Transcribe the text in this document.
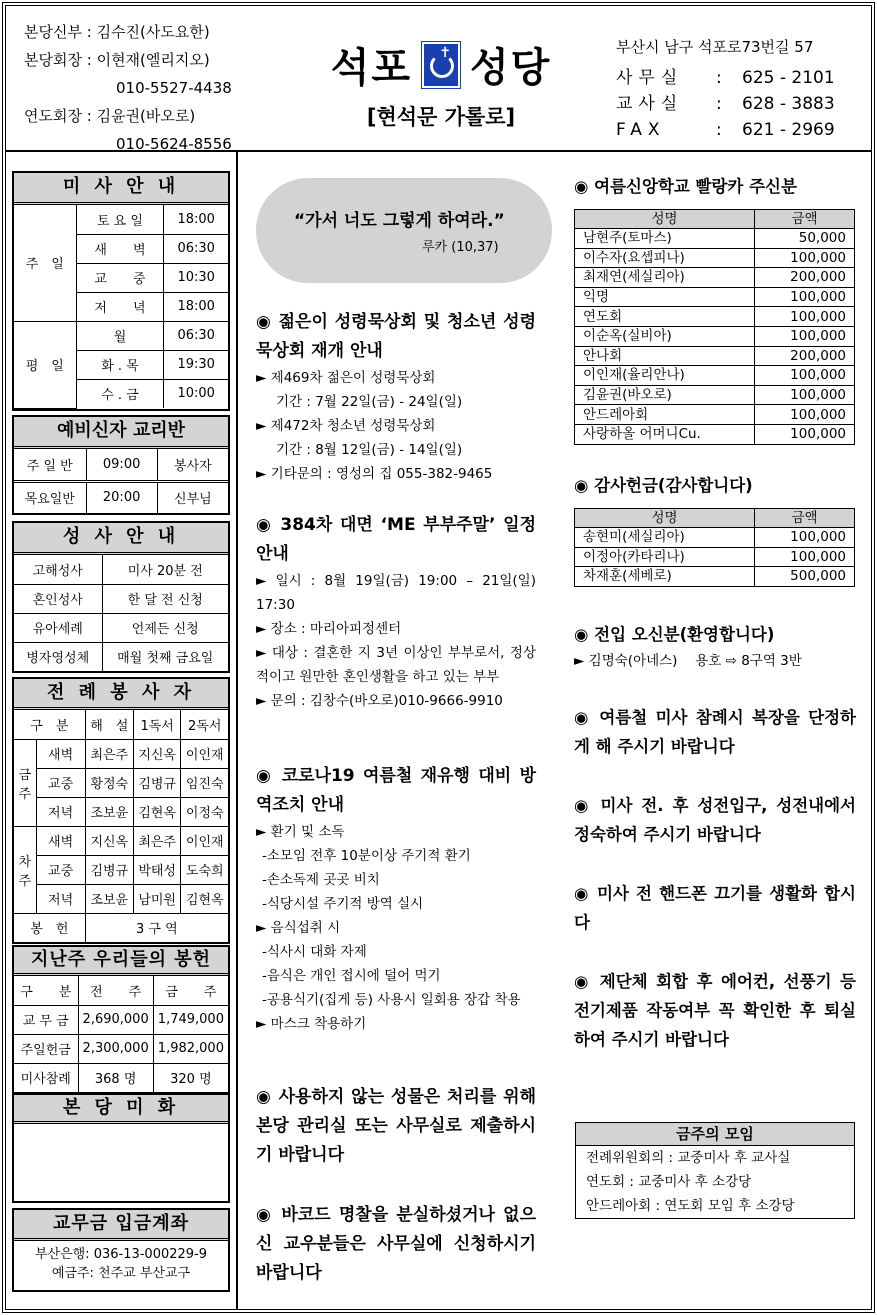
본당신부 : 김수진(사도요한)
본당회장 : 이현재(엘리지오)
010-5527-4438
연도회장 : 김윤권(바오로)
010-5624-8556
석포 ✝ 성당
[현석문 가롤로]
부산시 남구 석포로73번길 57
사무실	:	625 - 2101
교사실	:	628 - 3883
FAX	:	621 - 2969
미 사 안 내
주　일	토 요 일	18:00
	새　　벽	06:30
	교　　중	10:30
	저　　녁	18:00
평　일	월	06:30
	화 . 목	19:30
	수 . 금	10:00
예비신자 교리반
주 일 반	09:00	봉사자
목요일반	20:00	신부님
성 사 안 내
고해성사	미사 20분 전
혼인성사	한 달 전 신청
유아세례	언제든 신청
병자영성체	매월 첫째 금요일
전 례 봉 사 자
구　분		해　설	1독서	2독서
금주	새벽	최은주	지신옥	이인재
	교중	황정숙	김병규	임진숙
	저녁	조보윤	김현옥	이정숙
차주	새벽	지신옥	최은주	이인재
	교중	김병규	박태성	도숙희
	저녁	조보윤	남미원	김현옥
봉　헌		3 구 역		
지난주 우리들의 봉헌
구　　분	전　　주	금　　주
교 무 금	2,690,000	1,749,000
주일헌금	2,300,000	1,982,000
미사참례	368 명	320 명
본 당 미 화
교무금 입금계좌
부산은행: 036-13-000229-9
예금주: 천주교 부산교구
“가서 너도 그렇게 하여라.”
루카 (10,37)
◉ 젊은이 성령묵상회 및 청소년 성령묵상회 재개 안내

► 제469차 젊은이 성령묵상회

기간 : 7월 22일(금) - 24일(일)

► 제472차 청소년 성령묵상회

기간 : 8월 12일(금) - 14일(일)

► 기타문의 : 영성의 집 055-382-9465

◉ 384차 대면 ‘ME 부부주말’ 일정 안내

► 일시 : 8월 19일(금) 19:00 – 21일(일) 17:30

► 장소 : 마리아피정센터

► 대상 : 결혼한 지 3년 이상인 부부로서, 정상적이고 원만한 혼인생활을 하고 있는 부부

► 문의 : 김창수(바오로)010-9666-9910

◉ 코로나19 여름철 재유행 대비 방역조치 안내

► 환기 및 소독

-소모임 전후 10분이상 주기적 환기

-손소독제 곳곳 비치

-식당시설 주기적 방역 실시

► 음식섭취 시

-식사시 대화 자제

-음식은 개인 접시에 덜어 먹기

-공용식기(집게 등) 사용시 일회용 장갑 착용

► 마스크 착용하기

◉ 사용하지 않는 성물은 처리를 위해 본당 관리실 또는 사무실로 제출하시기 바랍니다
◉ 바코드 명찰을 분실하셨거나 없으신 교우분들은 사무실에 신청하시기 바랍니다
◉ 여름신앙학교 빨랑카 주신분
성명	금액
남현주(토마스)	50,000
이수자(요셉피나)	100,000
최재연(세실리아)	200,000
익명	100,000
연도회	100,000
이순옥(실비아)	100,000
안나회	200,000
이인재(율리안나)	100,000
김윤권(바오로)	100,000
안드레아회	100,000
사랑하올 어머니Cu.	100,000
◉ 감사헌금(감사합니다)
성명	금액
송현미(세실리아)	100,000
이정아(카타리나)	100,000
차재훈(세베로)	500,000
◉ 전입 오신분(환영합니다)

► 김명숙(아네스)　 용호 ⇨ 8구역 3반

◉ 여름철 미사 참례시 복장을 단정하게 해 주시기 바랍니다
◉ 미사 전. 후 성전입구, 성전내에서 정숙하여 주시기 바랍니다
◉ 미사 전 핸드폰 끄기를 생활화 합시다
◉ 제단체 회합 후 에어컨, 선풍기 등 전기제품 작동여부 꼭 확인한 후 퇴실하여 주시기 바랍니다
금주의 모임

전례위원회의 : 교중미사 후 교사실

연도회 : 교중미사 후 소강당

안드레아회 : 연도회 모임 후 소강당
